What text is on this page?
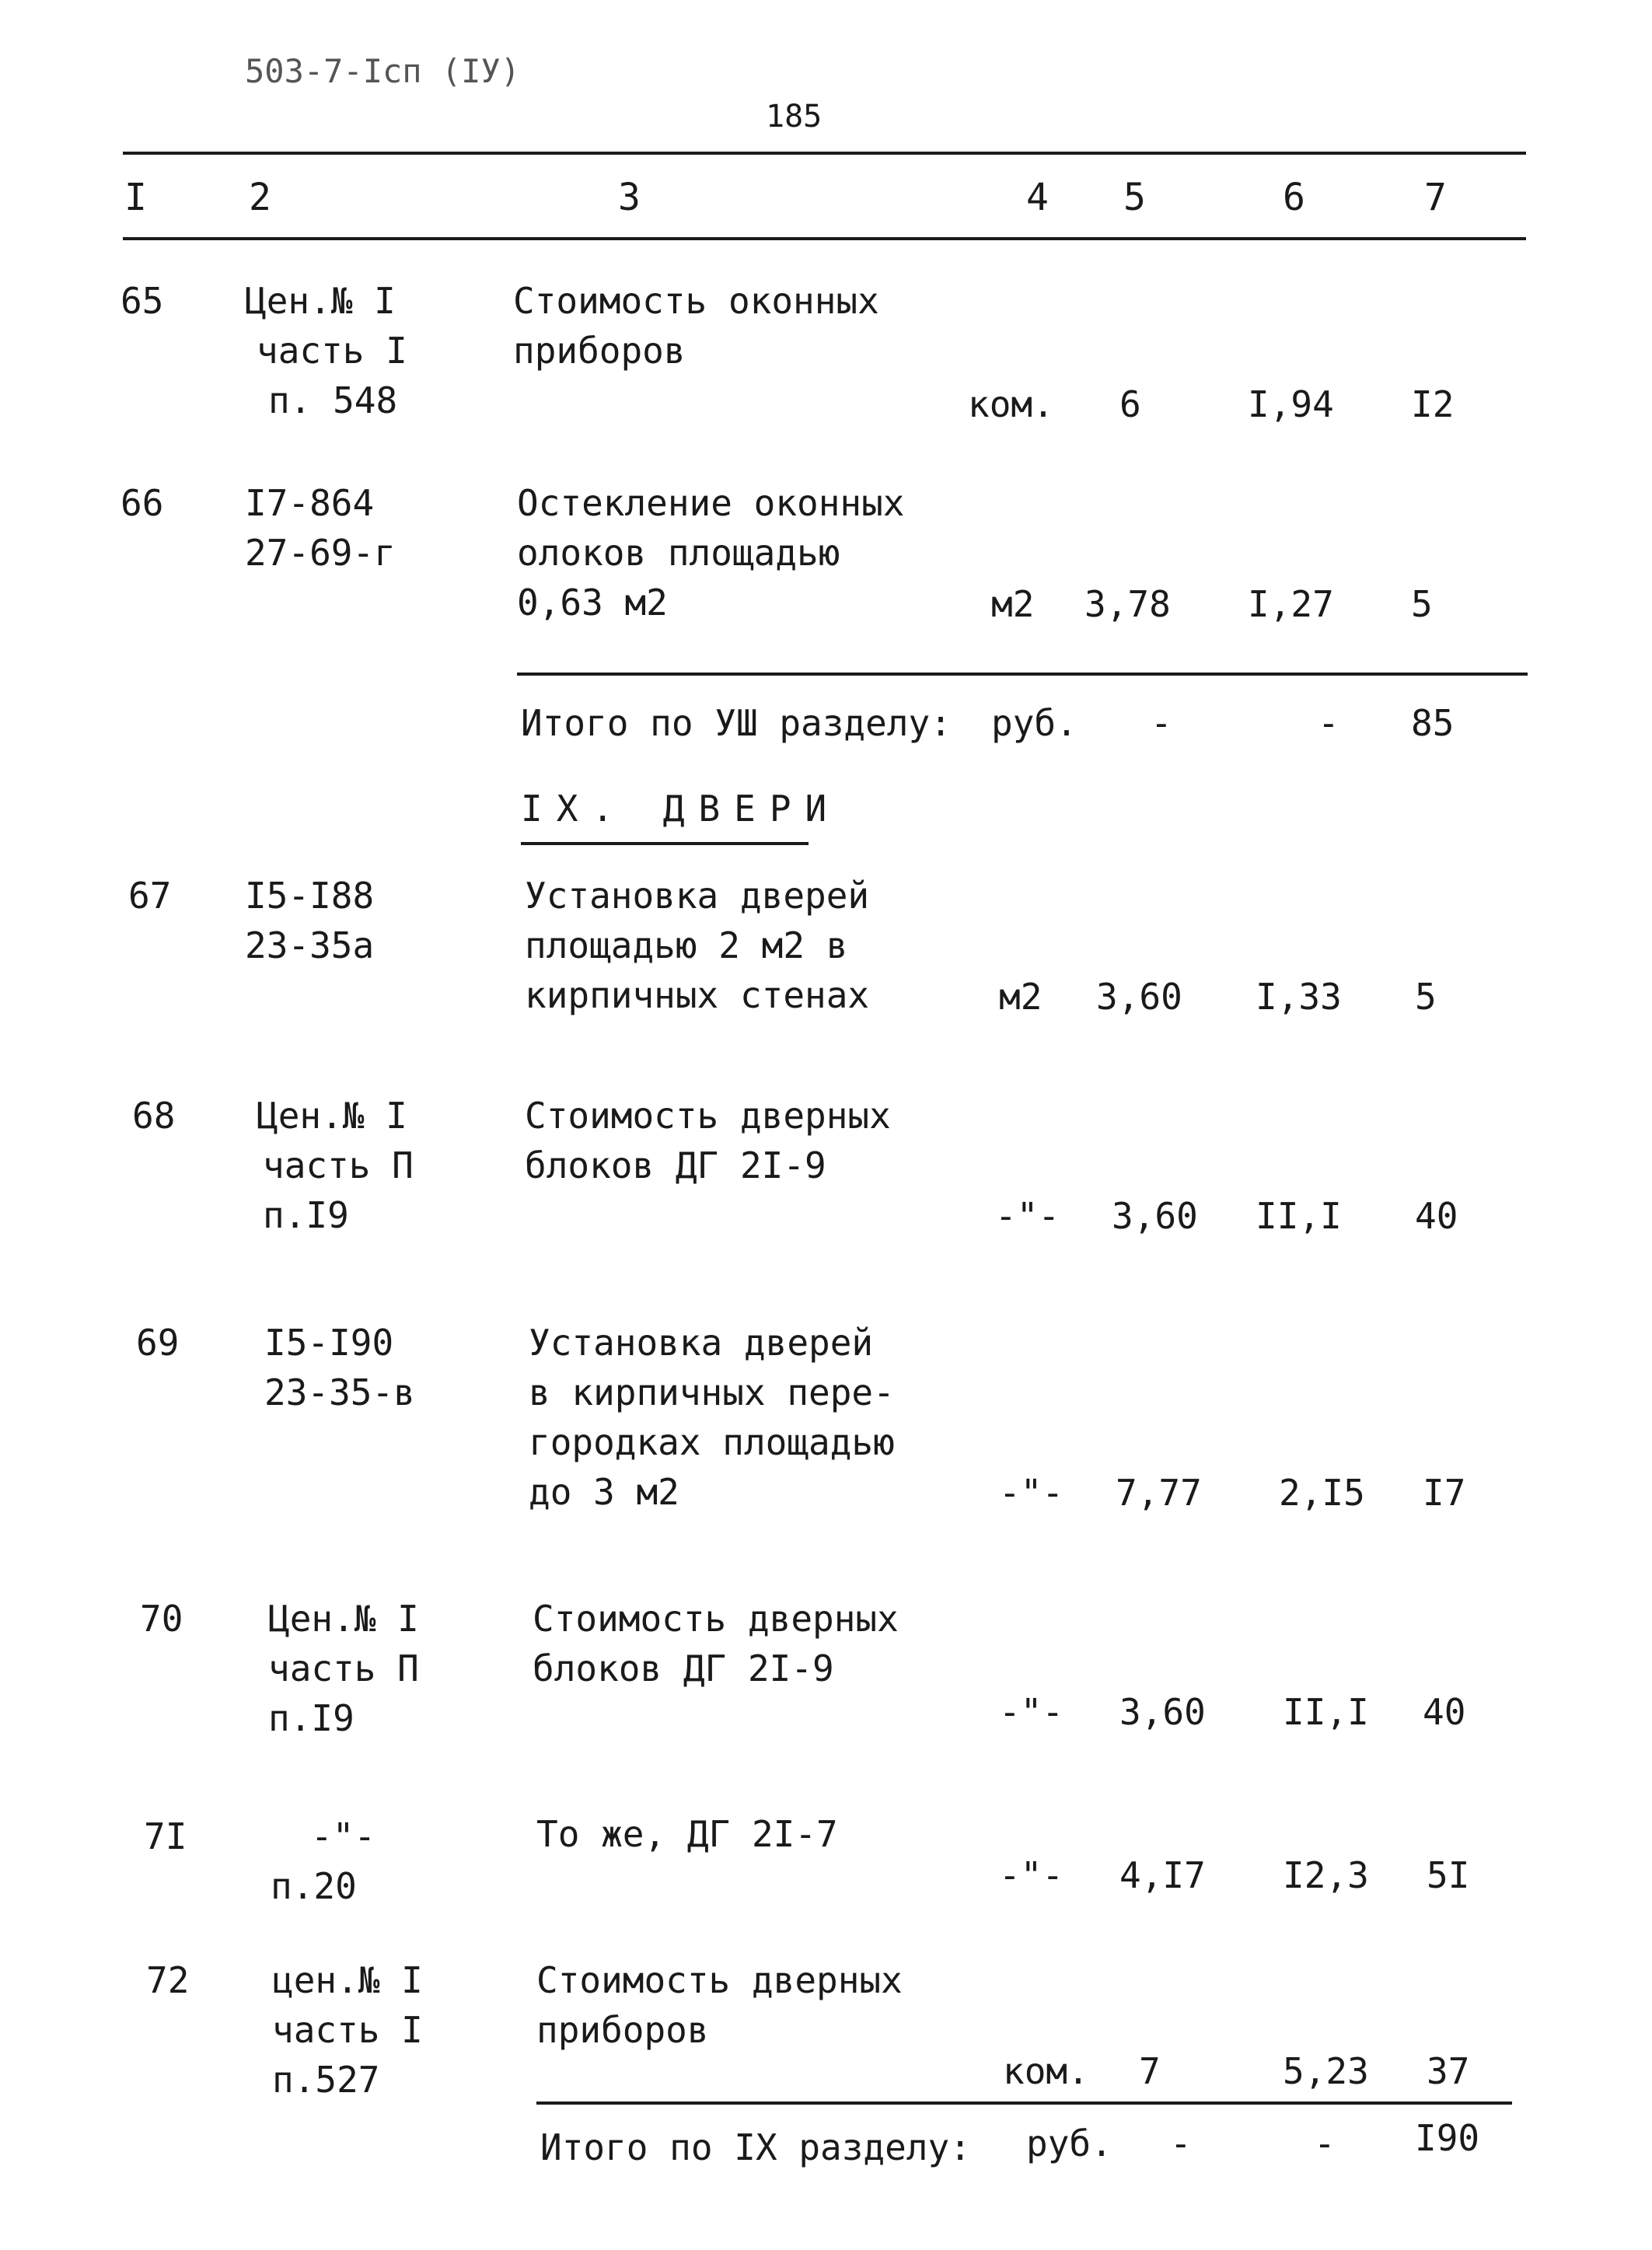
503-7-Icп (IУ)
185
I	2	3	4 5	6	7
65 Цен.№ I
часть I
п. 548
Стоимость оконных
приборов
ком. 6	I,94 I2
66 I7-864
27-69-г
Остекление оконных
олоков площадью
0,63 м2	м2 3,78 I,27 5
Итого по УШ разделу: руб. -	- 85
IX. ДВЕРИ
67 I5-I88
23-35а
Установка дверей
площадью 2 м2 в
кирпичных стенах	м2 3,60 I,33 5
68 Цен.№ I
часть П
п.I9
Стоимость дверных
блоков ДГ 2I-9
-"- 3,60 II,I 40
69 I5-I90
23-35-в
Установка дверей
в кирпичных пере-
городках площадью
до 3 м2	-"- 7,77 2,I5 I7
70 Цен.№ I
часть П
п.I9
Стоимость дверных
блоков ДГ 2I-9
-"- 3,60 II,I 40
7I	-"-
п.20
То же, ДГ 2I-7
-"- 4,I7 I2,3 5I
72 цен.№ I
часть I
п.527
Стоимость дверных
приборов
ком. 7	5,23 37
Итого по IX разделу: руб. -	- I90
